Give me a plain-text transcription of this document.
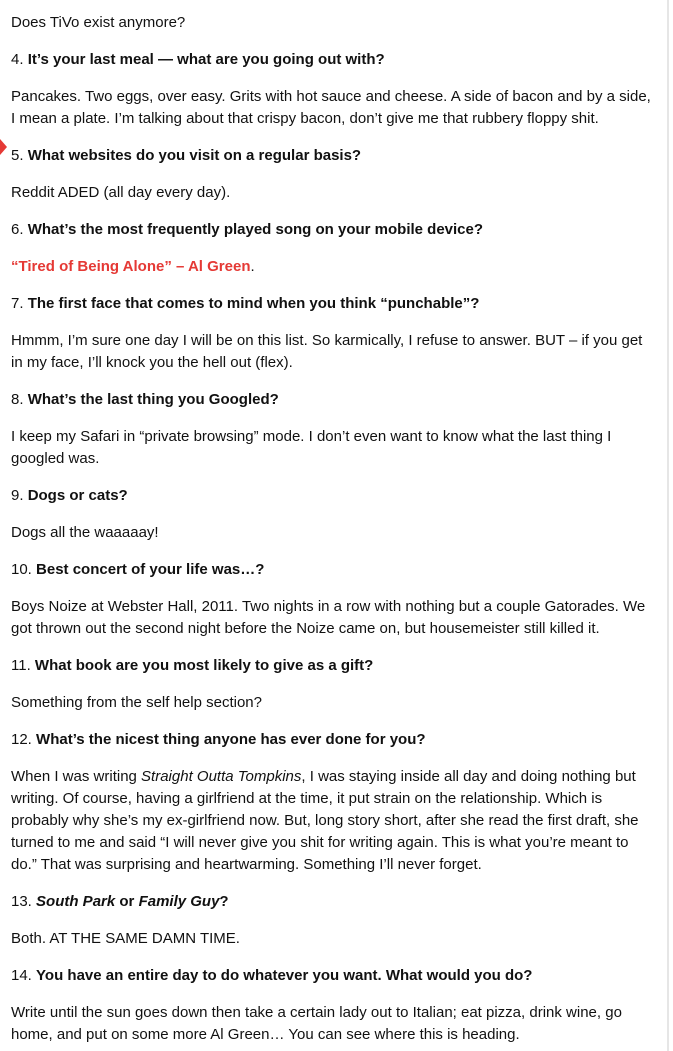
Does TiVo exist anymore?

4. It’s your last meal — what are you going out with?

Pancakes. Two eggs, over easy. Grits with hot sauce and cheese. A side of bacon and by a side, I mean a plate. I’m talking about that crispy bacon, don’t give me that rubbery floppy shit.

5. What websites do you visit on a regular basis?

Reddit ADED (all day every day).

6. What’s the most frequently played song on your mobile device?

“Tired of Being Alone” – Al Green.

7. The first face that comes to mind when you think “punchable”?

Hmmm, I’m sure one day I will be on this list. So karmically, I refuse to answer. BUT – if you get in my face, I’ll knock you the hell out (flex).

8. What’s the last thing you Googled?

I keep my Safari in “private browsing” mode. I don’t even want to know what the last thing I googled was.

9. Dogs or cats?

Dogs all the waaaaay!

10. Best concert of your life was…?

Boys Noize at Webster Hall, 2011. Two nights in a row with nothing but a couple Gatorades. We got thrown out the second night before the Noize came on, but housemeister still killed it.

11. What book are you most likely to give as a gift?

Something from the self help section?

12. What’s the nicest thing anyone has ever done for you?

When I was writing Straight Outta Tompkins, I was staying inside all day and doing nothing but writing. Of course, having a girlfriend at the time, it put strain on the relationship. Which is probably why she’s my ex-girlfriend now. But, long story short, after she read the first draft, she turned to me and said “I will never give you shit for writing again. This is what you’re meant to do.” That was surprising and heartwarming. Something I’ll never forget.

13. South Park or Family Guy?

Both. AT THE SAME DAMN TIME.

14. You have an entire day to do whatever you want. What would you do?

Write until the sun goes down then take a certain lady out to Italian; eat pizza, drink wine, go home, and put on some more Al Green… You can see where this is heading.
